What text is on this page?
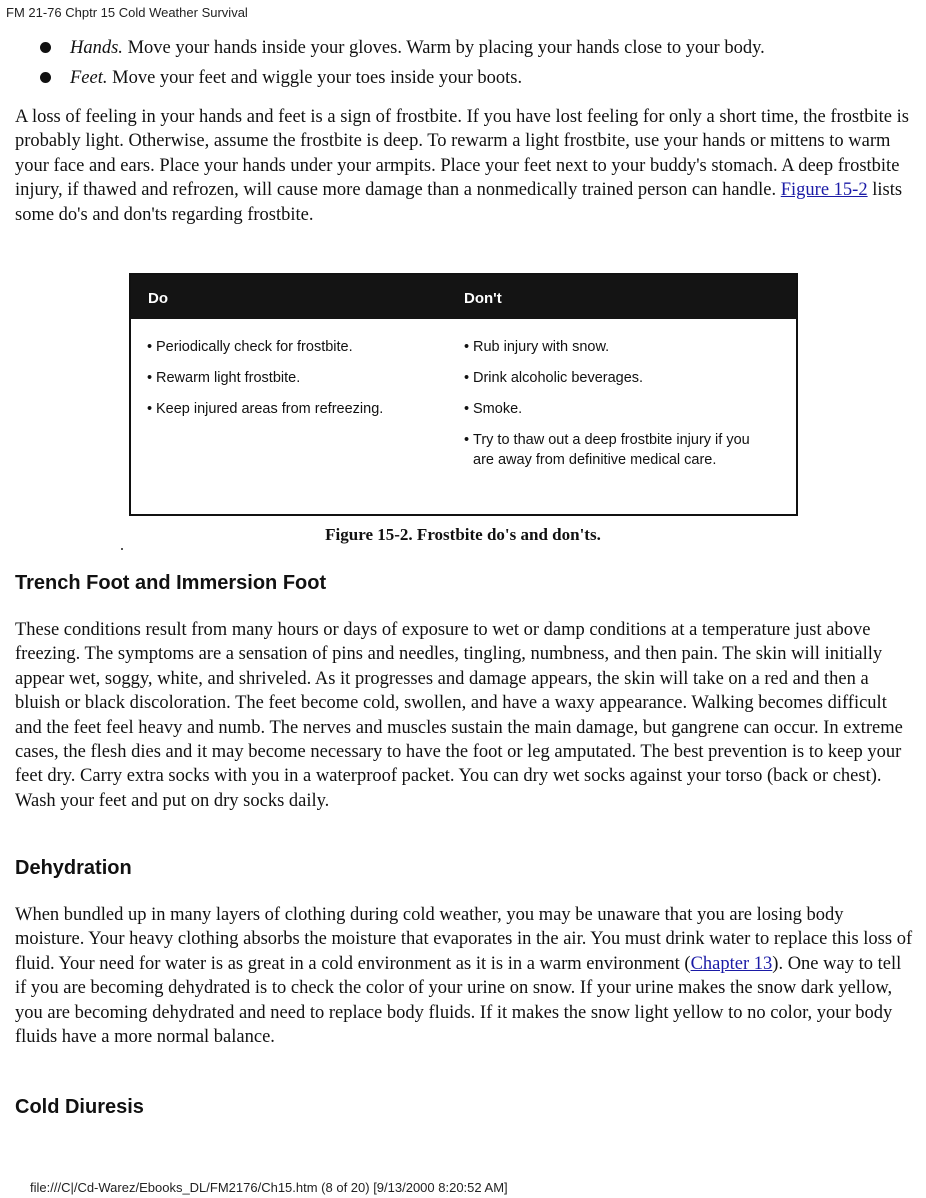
FM 21-76 Chptr 15 Cold Weather Survival
Hands. Move your hands inside your gloves. Warm by placing your hands close to your body.
Feet. Move your feet and wiggle your toes inside your boots.

A loss of feeling in your hands and feet is a sign of frostbite. If you have lost feeling for only a short time, the frostbite is probably light. Otherwise, assume the frostbite is deep. To rewarm a light frostbite, use your hands or mittens to warm your face and ears. Place your hands under your armpits. Place your feet next to your buddy's stomach. A deep frostbite injury, if thawed and refrozen, will cause more damage than a nonmedically trained person can handle. Figure 15-2 lists some do's and don'ts regarding frostbite.

Do	Don't
• Periodically check for frostbite.
• Rewarm light frostbite.
• Keep injured areas from refreezing.
• Rub injury with snow.
• Drink alcoholic beverages.
• Smoke.
• Try to thaw out a deep frostbite injury if you are away from definitive medical care.
Figure 15-2. Frostbite do's and don'ts.
Trench Foot and Immersion Foot

These conditions result from many hours or days of exposure to wet or damp conditions at a temperature just above freezing. The symptoms are a sensation of pins and needles, tingling, numbness, and then pain. The skin will initially appear wet, soggy, white, and shriveled. As it progresses and damage appears, the skin will take on a red and then a bluish or black discoloration. The feet become cold, swollen, and have a waxy appearance. Walking becomes difficult and the feet feel heavy and numb. The nerves and muscles sustain the main damage, but gangrene can occur. In extreme cases, the flesh dies and it may become necessary to have the foot or leg amputated. The best prevention is to keep your feet dry. Carry extra socks with you in a waterproof packet. You can dry wet socks against your torso (back or chest). Wash your feet and put on dry socks daily.

Dehydration

When bundled up in many layers of clothing during cold weather, you may be unaware that you are losing body moisture. Your heavy clothing absorbs the moisture that evaporates in the air. You must drink water to replace this loss of fluid. Your need for water is as great in a cold environment as it is in a warm environment (Chapter 13). One way to tell if you are becoming dehydrated is to check the color of your urine on snow. If your urine makes the snow dark yellow, you are becoming dehydrated and need to replace body fluids. If it makes the snow light yellow to no color, your body fluids have a more normal balance.

Cold Diuresis
file:///C|/Cd-Warez/Ebooks_DL/FM2176/Ch15.htm (8 of 20) [9/13/2000 8:20:52 AM]
